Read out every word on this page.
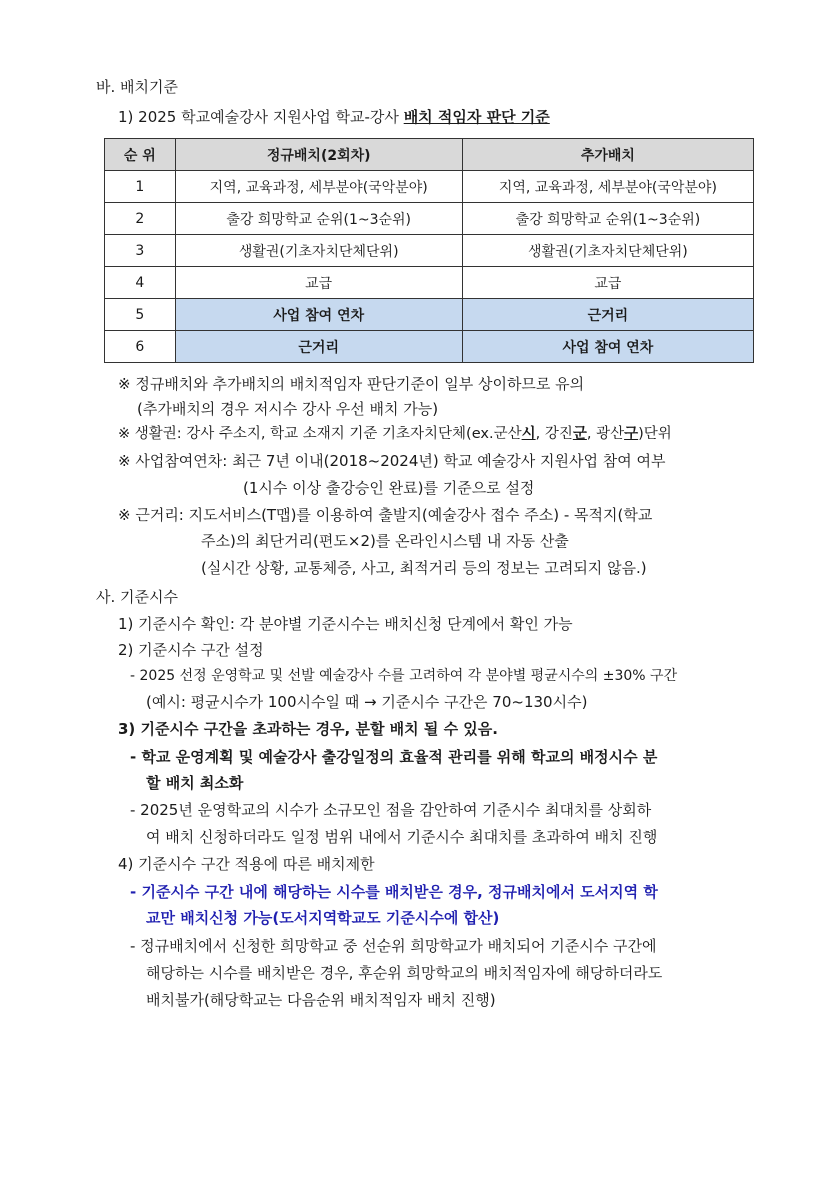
바. 배치기준
1) 2025 학교예술강사 지원사업 학교-강사 배치 적임자 판단 기준
순 위	정규배치(2회차)	추가배치
1	지역, 교육과정, 세부분야(국악분야)	지역, 교육과정, 세부분야(국악분야)
2	출강 희망학교 순위(1~3순위)	출강 희망학교 순위(1~3순위)
3	생활권(기초자치단체단위)	생활권(기초자치단체단위)
4	교급	교급
5	사업 참여 연차	근거리
6	근거리	사업 참여 연차
※ 정규배치와 추가배치의 배치적임자 판단기준이 일부 상이하므로 유의
(추가배치의 경우 저시수 강사 우선 배치 가능)
※ 생활권: 강사 주소지, 학교 소재지 기준 기초자치단체(ex.군산시, 강진군, 광산구)단위
※ 사업참여연차: 최근 7년 이내(2018~2024년) 학교 예술강사 지원사업 참여 여부
(1시수 이상 출강승인 완료)를 기준으로 설정
※ 근거리: 지도서비스(T맵)를 이용하여 출발지(예술강사 접수 주소) - 목적지(학교
주소)의 최단거리(편도×2)를 온라인시스템 내 자동 산출
(실시간 상황, 교통체증, 사고, 최적거리 등의 정보는 고려되지 않음.)
사. 기준시수
1) 기준시수 확인: 각 분야별 기준시수는 배치신청 단계에서 확인 가능
2) 기준시수 구간 설정
- 2025 선정 운영학교 및 선발 예술강사 수를 고려하여 각 분야별 평균시수의 ±30% 구간
(예시: 평균시수가 100시수일 때 → 기준시수 구간은 70~130시수)
3) 기준시수 구간을 초과하는 경우, 분할 배치 될 수 있음.
- 학교 운영계획 및 예술강사 출강일정의 효율적 관리를 위해 학교의 배정시수 분
할 배치 최소화
- 2025년 운영학교의 시수가 소규모인 점을 감안하여 기준시수 최대치를 상회하
여 배치 신청하더라도 일정 범위 내에서 기준시수 최대치를 초과하여 배치 진행
4) 기준시수 구간 적용에 따른 배치제한
- 기준시수 구간 내에 해당하는 시수를 배치받은 경우, 정규배치에서 도서지역 학
교만 배치신청 가능(도서지역학교도 기준시수에 합산)
- 정규배치에서 신청한 희망학교 중 선순위 희망학교가 배치되어 기준시수 구간에
해당하는 시수를 배치받은 경우, 후순위 희망학교의 배치적임자에 해당하더라도
배치불가(해당학교는 다음순위 배치적임자 배치 진행)
